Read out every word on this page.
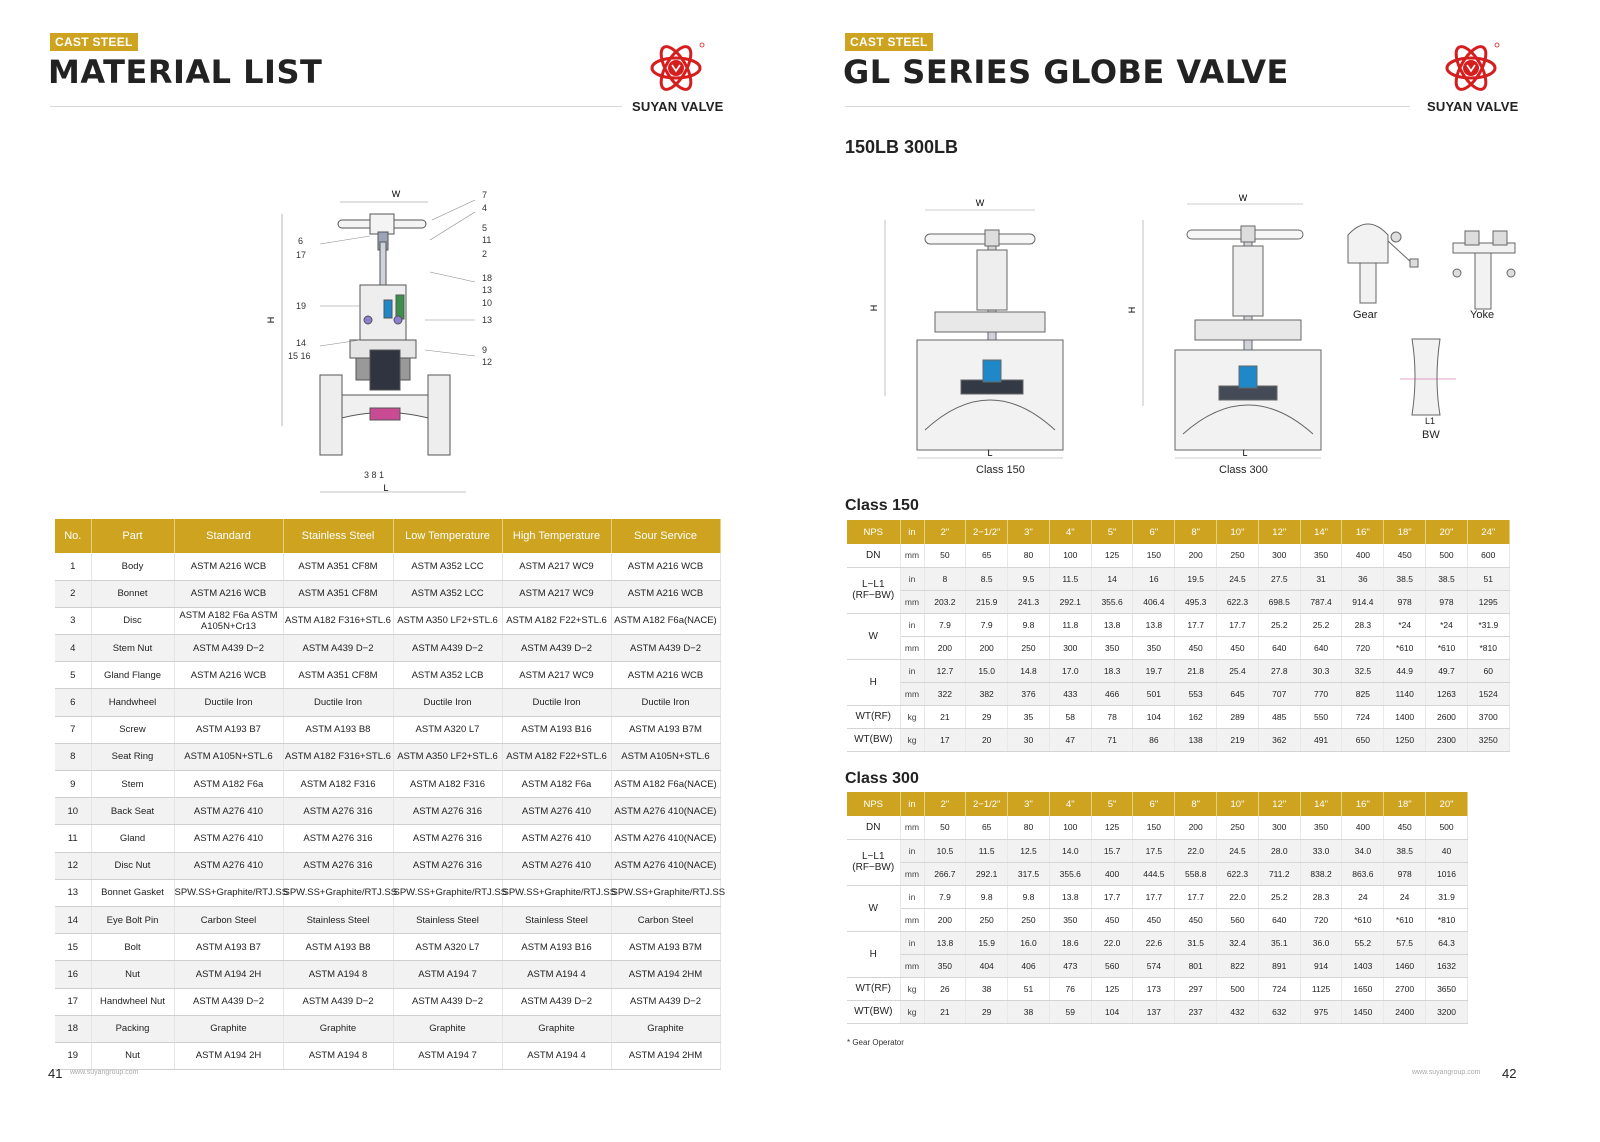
CAST STEEL
MATERIAL LIST
SUYAN VALVE
W
H
L
7
4
5
11
2
18
13
10
13
9
12
6
17
19
14
15 16
3 8 1
No.	Part	Standard	Stainless Steel	Low Temperature	High Temperature	Sour Service
1	Body	ASTM A216 WCB	ASTM A351 CF8M	ASTM A352 LCC	ASTM A217 WC9	ASTM A216 WCB
2	Bonnet	ASTM A216 WCB	ASTM A351 CF8M	ASTM A352 LCC	ASTM A217 WC9	ASTM A216 WCB
3	Disc	ASTM A182 F6a ASTM A105N+Cr13	ASTM A182 F316+STL.6	ASTM A350 LF2+STL.6	ASTM A182 F22+STL.6	ASTM A182 F6a(NACE)
4	Stem Nut	ASTM A439 D−2	ASTM A439 D−2	ASTM A439 D−2	ASTM A439 D−2	ASTM A439 D−2
5	Gland Flange	ASTM A216 WCB	ASTM A351 CF8M	ASTM A352 LCB	ASTM A217 WC9	ASTM A216 WCB
6	Handwheel	Ductile Iron	Ductile Iron	Ductile Iron	Ductile Iron	Ductile Iron
7	Screw	ASTM A193 B7	ASTM A193 B8	ASTM A320 L7	ASTM A193 B16	ASTM A193 B7M
8	Seat Ring	ASTM A105N+STL.6	ASTM A182 F316+STL.6	ASTM A350 LF2+STL.6	ASTM A182 F22+STL.6	ASTM A105N+STL.6
9	Stem	ASTM A182 F6a	ASTM A182 F316	ASTM A182 F316	ASTM A182 F6a	ASTM A182 F6a(NACE)
10	Back Seat	ASTM A276 410	ASTM A276 316	ASTM A276 316	ASTM A276 410	ASTM A276 410(NACE)
11	Gland	ASTM A276 410	ASTM A276 316	ASTM A276 316	ASTM A276 410	ASTM A276 410(NACE)
12	Disc Nut	ASTM A276 410	ASTM A276 316	ASTM A276 316	ASTM A276 410	ASTM A276 410(NACE)
13	Bonnet Gasket	SPW.SS+Graphite/RTJ.SS	SPW.SS+Graphite/RTJ.SS	SPW.SS+Graphite/RTJ.SS	SPW.SS+Graphite/RTJ.SS	SPW.SS+Graphite/RTJ.SS
14	Eye Bolt Pin	Carbon Steel	Stainless Steel	Stainless Steel	Stainless Steel	Carbon Steel
15	Bolt	ASTM A193 B7	ASTM A193 B8	ASTM A320 L7	ASTM A193 B16	ASTM A193 B7M
16	Nut	ASTM A194 2H	ASTM A194 8	ASTM A194 7	ASTM A194 4	ASTM A194 2HM
17	Handwheel Nut	ASTM A439 D−2	ASTM A439 D−2	ASTM A439 D−2	ASTM A439 D−2	ASTM A439 D−2
18	Packing	Graphite	Graphite	Graphite	Graphite	Graphite
19	Nut	ASTM A194 2H	ASTM A194 8	ASTM A194 7	ASTM A194 4	ASTM A194 2HM
41 www.suyangroup.com
CAST STEEL
GL SERIES GLOBE VALVE
SUYAN VALVE
150LB 300LB
W
H
L
Class 150
W
H
L
Class 300
Gear	Yoke
L1
BW
Class 150
NPS	in	2"	2−1/2"	3"	4"	5"	6"	8"	10"	12"	14"	16"	18"	20"	24"
DN	mm	50	65	80	100	125	150	200	250	300	350	400	450	500	600
L−L1 (RF−BW)	in	8	8.5	9.5	11.5	14	16	19.5	24.5	27.5	31	36	38.5	38.5	51
	mm	203.2	215.9	241.3	292.1	355.6	406.4	495.3	622.3	698.5	787.4	914.4	978	978	1295
W	in	7.9	7.9	9.8	11.8	13.8	13.8	17.7	17.7	25.2	25.2	28.3	*24	*24	*31.9
	mm	200	200	250	300	350	350	450	450	640	640	720	*610	*610	*810
H	in	12.7	15.0	14.8	17.0	18.3	19.7	21.8	25.4	27.8	30.3	32.5	44.9	49.7	60
	mm	322	382	376	433	466	501	553	645	707	770	825	1140	1263	1524
WT(RF)	kg	21	29	35	58	78	104	162	289	485	550	724	1400	2600	3700
WT(BW)	kg	17	20	30	47	71	86	138	219	362	491	650	1250	2300	3250
Class 300
NPS	in	2"	2−1/2"	3"	4"	5"	6"	8"	10"	12"	14"	16"	18"	20"
DN	mm	50	65	80	100	125	150	200	250	300	350	400	450	500
L−L1 (RF−BW)	in	10.5	11.5	12.5	14.0	15.7	17.5	22.0	24.5	28.0	33.0	34.0	38.5	40
	mm	266.7	292.1	317.5	355.6	400	444.5	558.8	622.3	711.2	838.2	863.6	978	1016
W	in	7.9	9.8	9.8	13.8	17.7	17.7	17.7	22.0	25.2	28.3	24	24	31.9
	mm	200	250	250	350	450	450	450	560	640	720	*610	*610	*810
H	in	13.8	15.9	16.0	18.6	22.0	22.6	31.5	32.4	35.1	36.0	55.2	57.5	64.3
	mm	350	404	406	473	560	574	801	822	891	914	1403	1460	1632
WT(RF)	kg	26	38	51	76	125	173	297	500	724	1125	1650	2700	3650
WT(BW)	kg	21	29	38	59	104	137	237	432	632	975	1450	2400	3200
* Gear Operator
www.suyangroup.com 42
